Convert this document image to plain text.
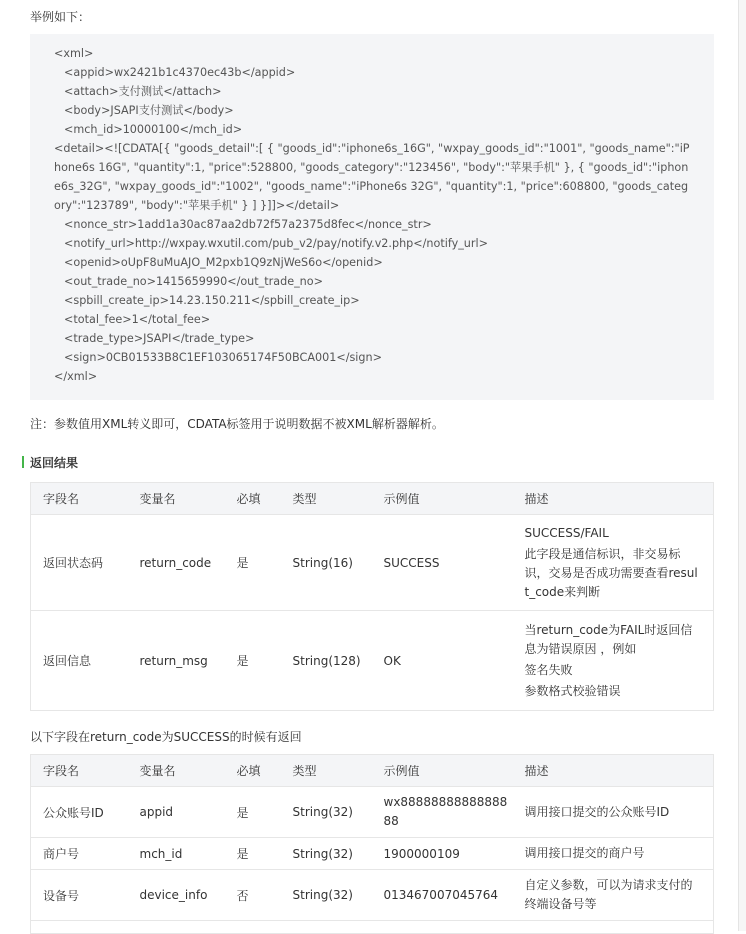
举例如下：
<xml>
<appid>wx2421b1c4370ec43b</appid>
<attach>支付测试</attach>
<body>JSAPI支付测试</body>
<mch_id>10000100</mch_id>
<detail><![CDATA[{ "goods_detail":[ { "goods_id":"iphone6s_16G", "wxpay_goods_id":"1001", "goods_name":"iPhone6s 16G", "quantity":1, "price":528800, "goods_category":"123456", "body":"苹果手机" }, { "goods_id":"iphone6s_32G", "wxpay_goods_id":"1002", "goods_name":"iPhone6s 32G", "quantity":1, "price":608800, "goods_category":"123789", "body":"苹果手机" } ] }]]></detail>
<nonce_str>1add1a30ac87aa2db72f57a2375d8fec</nonce_str>
<notify_url>http://wxpay.wxutil.com/pub_v2/pay/notify.v2.php</notify_url>
<openid>oUpF8uMuAJO_M2pxb1Q9zNjWeS6o</openid>
<out_trade_no>1415659990</out_trade_no>
<spbill_create_ip>14.23.150.211</spbill_create_ip>
<total_fee>1</total_fee>
<trade_type>JSAPI</trade_type>
<sign>0CB01533B8C1EF103065174F50BCA001</sign>
</xml>
注：参数值用XML转义即可，CDATA标签用于说明数据不被XML解析器解析。
返回结果
字段名	变量名	必填	类型	示例值	描述
返回状态码	return_code	是	String(16)	SUCCESS	SUCCESS/FAIL
此字段是通信标识，非交易标识，交易是否成功需要查看result_code来判断

返回信息	return_msg	是	String(128)	OK	当return_code为FAIL时返回信息为错误原因 ，例如
签名失败
参数格式校验错误
以下字段在return_code为SUCCESS的时候有返回
字段名	变量名	必填	类型	示例值	描述
公众账号ID	appid	是	String(32)	wx8888888888888888	调用接口提交的公众账号ID
商户号	mch_id	是	String(32)	1900000109	调用接口提交的商户号
设备号	device_info	否	String(32)	013467007045764	自定义参数，可以为请求支付的终端设备号等
